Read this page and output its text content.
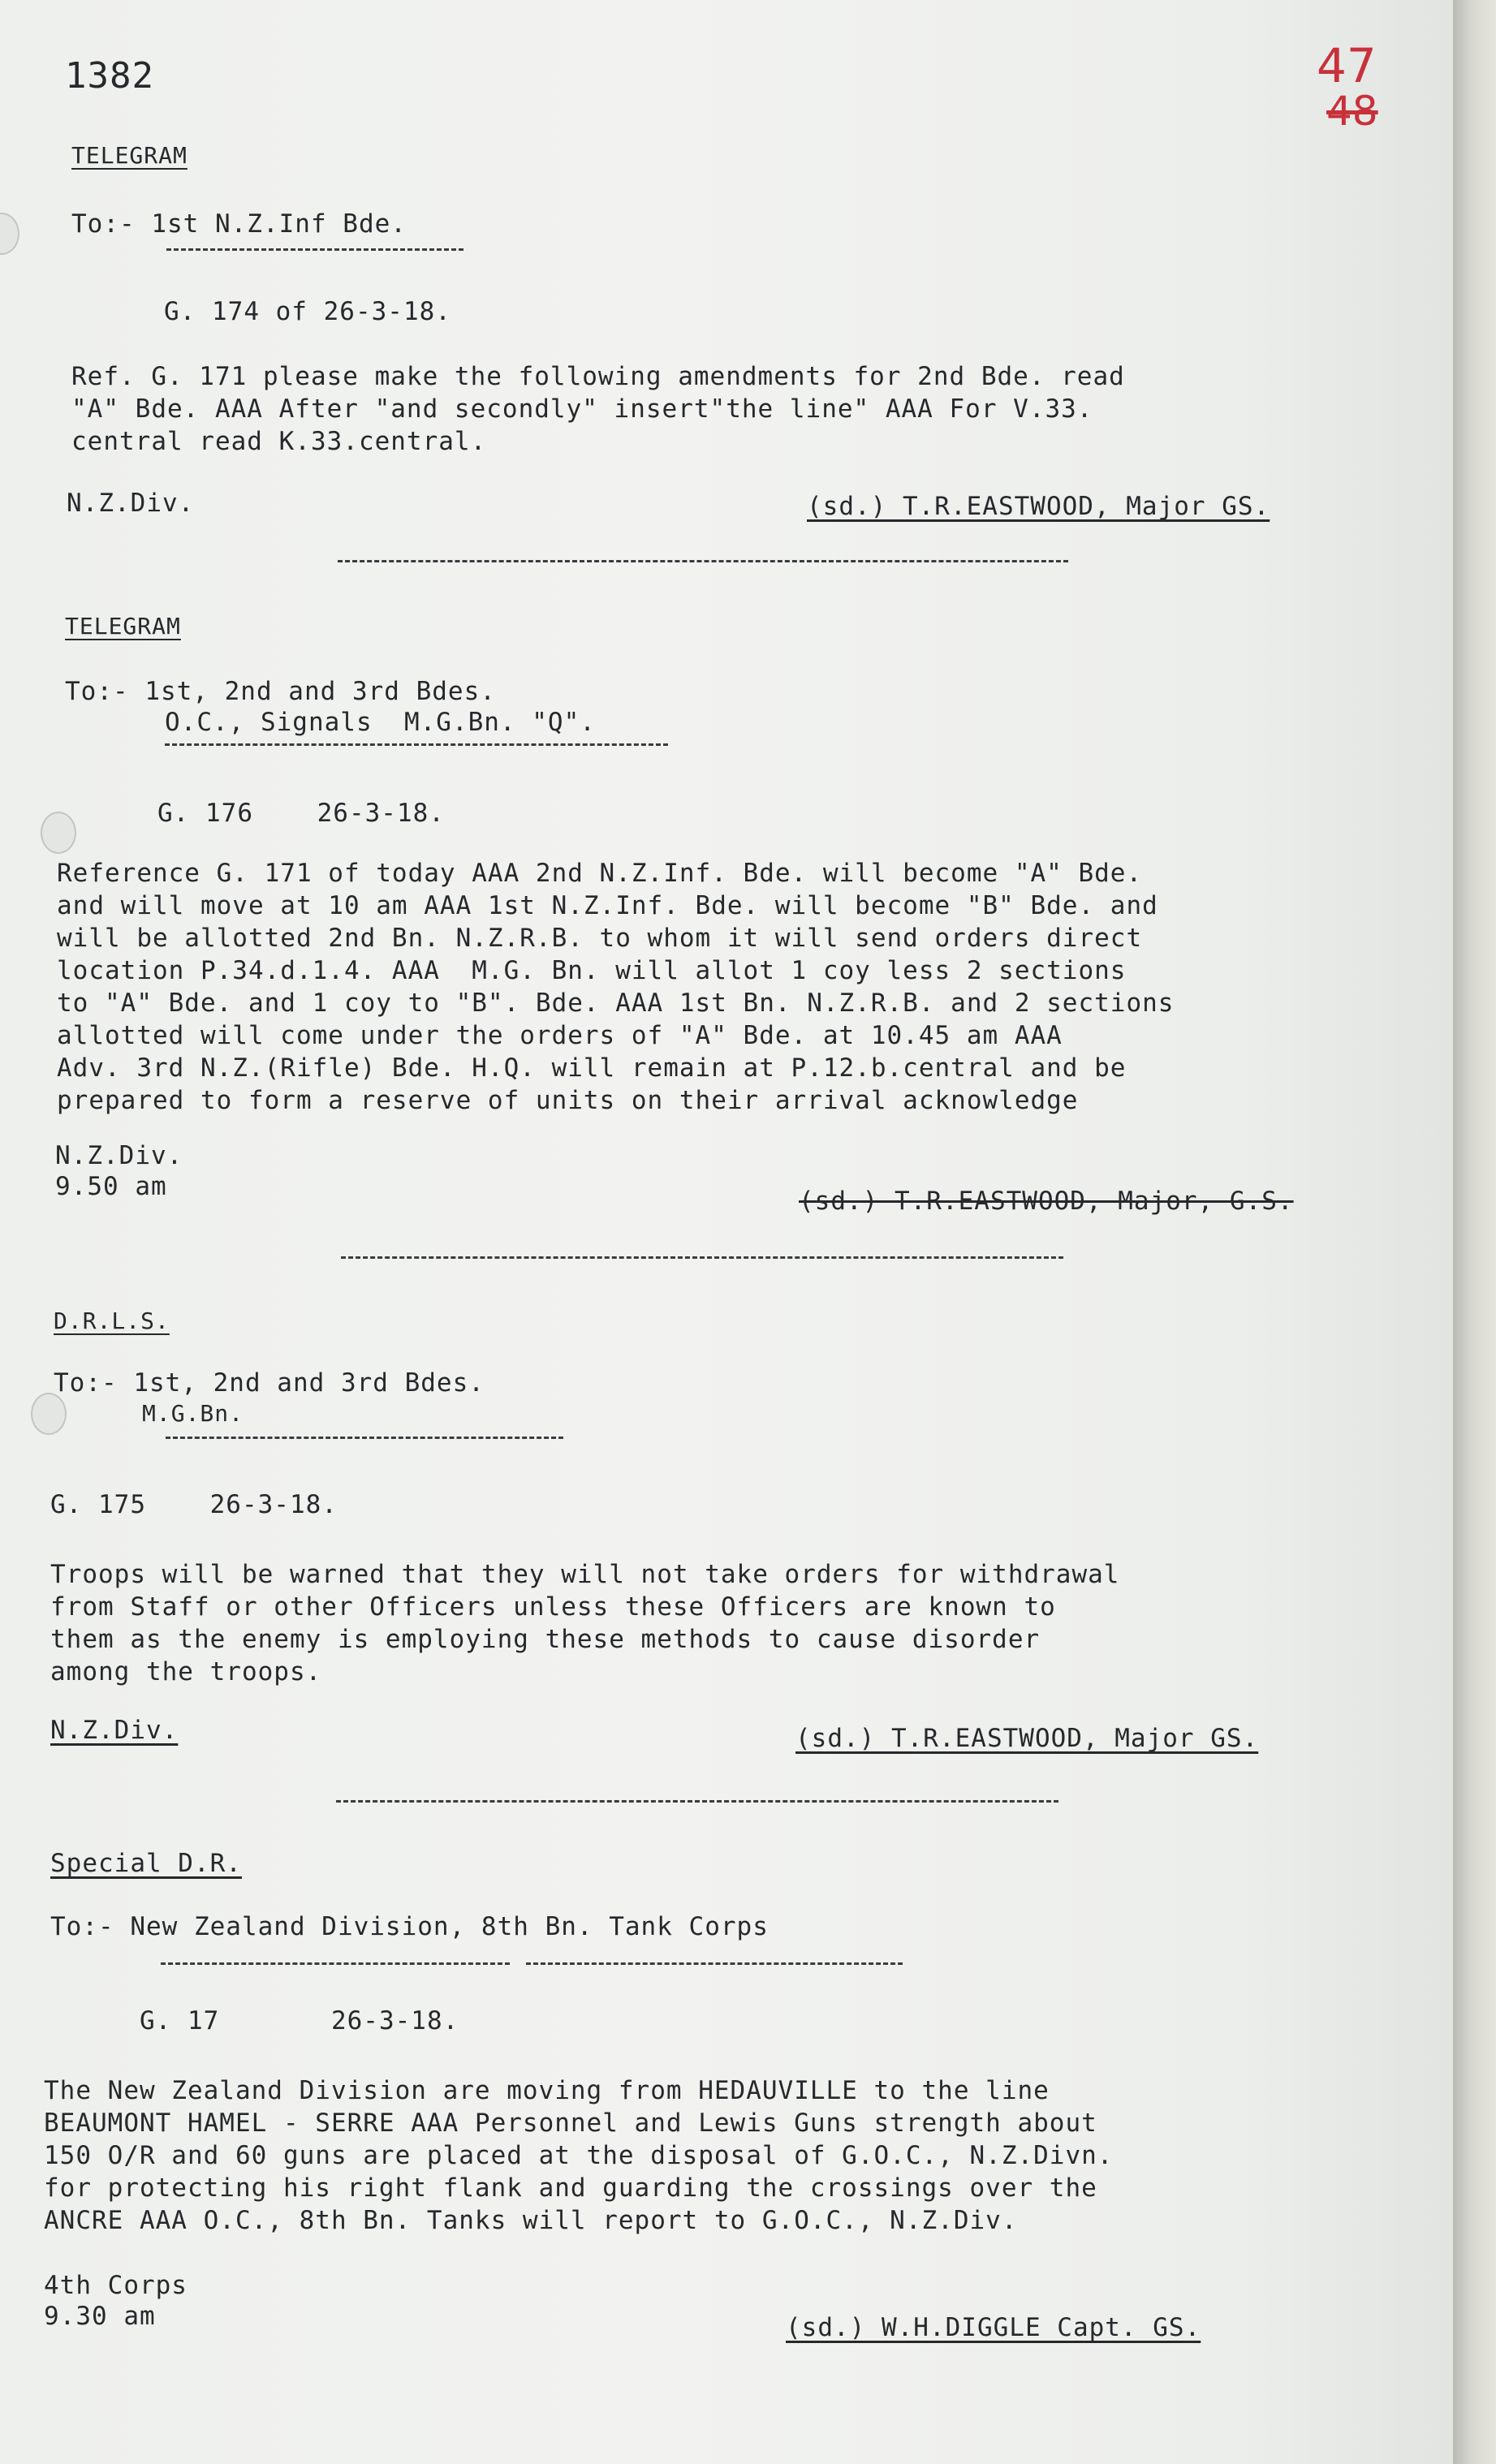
1382	47
48
TELEGRAM
To:- 1st N.Z.Inf Bde.
G. 174 of 26-3-18.
Ref. G. 171 please make the following amendments for 2nd Bde. read
"A" Bde. AAA After "and secondly" insert"the line" AAA For V.33.
central read K.33.central.
N.Z.Div.	(sd.) T.R.EASTWOOD, Major GS.
TELEGRAM
To:- 1st, 2nd and 3rd Bdes.
O.C., Signals  M.G.Bn. "Q".
G. 176    26-3-18.
Reference G. 171 of today AAA 2nd N.Z.Inf. Bde. will become "A" Bde.
and will move at 10 am AAA 1st N.Z.Inf. Bde. will become "B" Bde. and
will be allotted 2nd Bn. N.Z.R.B. to whom it will send orders direct
location P.34.d.1.4. AAA  M.G. Bn. will allot 1 coy less 2 sections
to "A" Bde. and 1 coy to "B". Bde. AAA 1st Bn. N.Z.R.B. and 2 sections
allotted will come under the orders of "A" Bde. at 10.45 am AAA
Adv. 3rd N.Z.(Rifle) Bde. H.Q. will remain at P.12.b.central and be
prepared to form a reserve of units on their arrival acknowledge
N.Z.Div.
9.50 am	(sd.) T.R.EASTWOOD, Major, G.S.
D.R.L.S.
To:- 1st, 2nd and 3rd Bdes.
M.G.Bn.
G. 175    26-3-18.
Troops will be warned that they will not take orders for withdrawal
from Staff or other Officers unless these Officers are known to
them as the enemy is employing these methods to cause disorder
among the troops.
N.Z.Div.	(sd.) T.R.EASTWOOD, Major GS.
Special D.R.
To:- New Zealand Division, 8th Bn. Tank Corps
G. 17       26-3-18.
The New Zealand Division are moving from HEDAUVILLE to the line
BEAUMONT HAMEL - SERRE AAA Personnel and Lewis Guns strength about
150 O/R and 60 guns are placed at the disposal of G.O.C., N.Z.Divn.
for protecting his right flank and guarding the crossings over the
ANCRE AAA O.C., 8th Bn. Tanks will report to G.O.C., N.Z.Div.
4th Corps
9.30 am	(sd.) W.H.DIGGLE Capt. GS.
